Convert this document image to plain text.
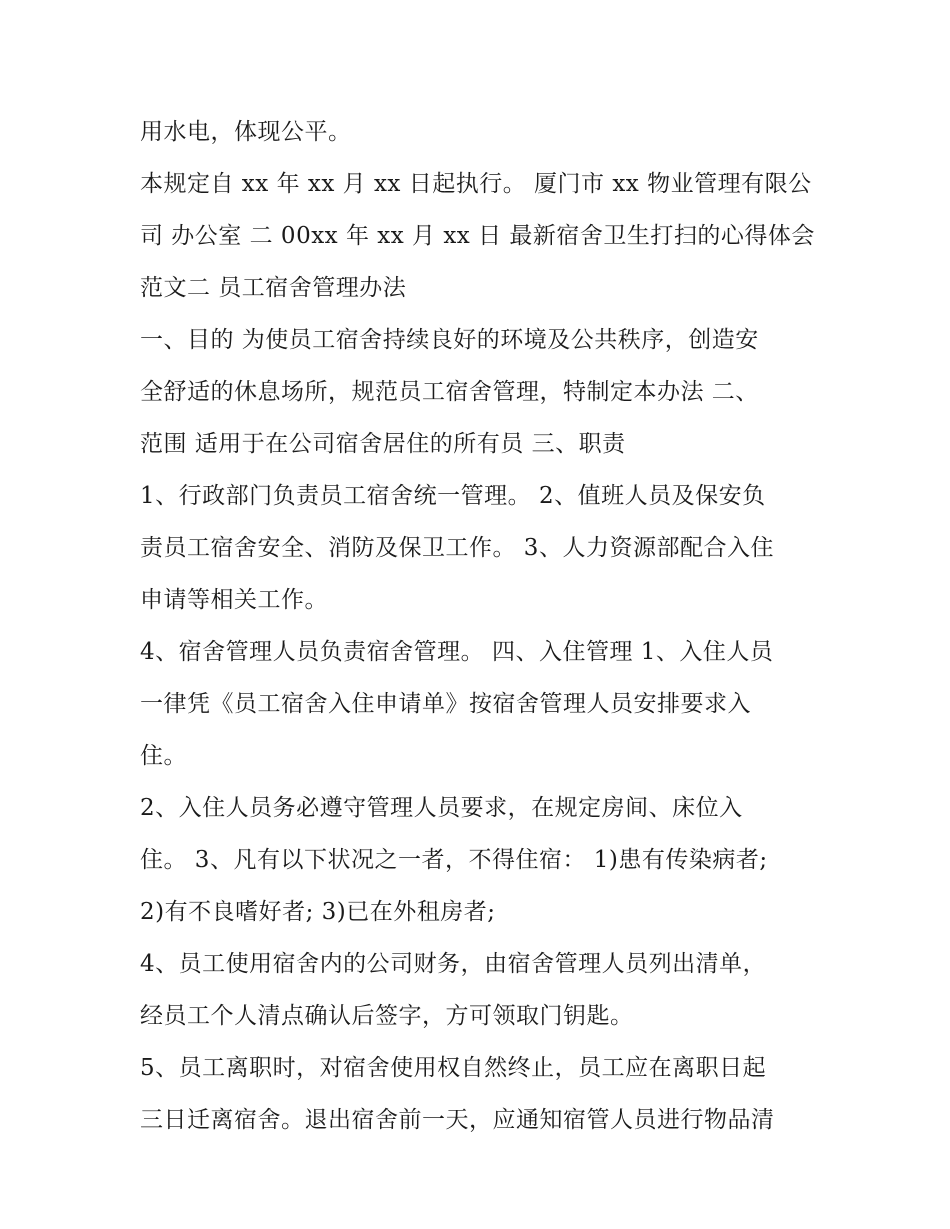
用水电，体现公平。
本规定自 xx 年 xx 月 xx 日起执行。 厦门市 xx 物业管理有限公
司 办公室 二 00xx 年 xx 月 xx 日 最新宿舍卫生打扫的心得体会
范文二 员工宿舍管理办法
一、目的 为使员工宿舍持续良好的环境及公共秩序，创造安
全舒适的休息场所，规范员工宿舍管理，特制定本办法 二、
范围 适用于在公司宿舍居住的所有员 三、职责
1、行政部门负责员工宿舍统一管理。 2、值班人员及保安负
责员工宿舍安全、消防及保卫工作。 3、人力资源部配合入住
申请等相关工作。
4、宿舍管理人员负责宿舍管理。 四、入住管理 1、入住人员
一律凭《员工宿舍入住申请单》按宿舍管理人员安排要求入
住。
2、入住人员务必遵守管理人员要求，在规定房间、床位入
住。 3、凡有以下状况之一者，不得住宿： 1)患有传染病者;
2)有不良嗜好者; 3)已在外租房者;
4、员工使用宿舍内的公司财务，由宿舍管理人员列出清单，
经员工个人清点确认后签字，方可领取门钥匙。
5、员工离职时，对宿舍使用权自然终止，员工应在离职日起
三日迁离宿舍。退出宿舍前一天，应通知宿管人员进行物品清
